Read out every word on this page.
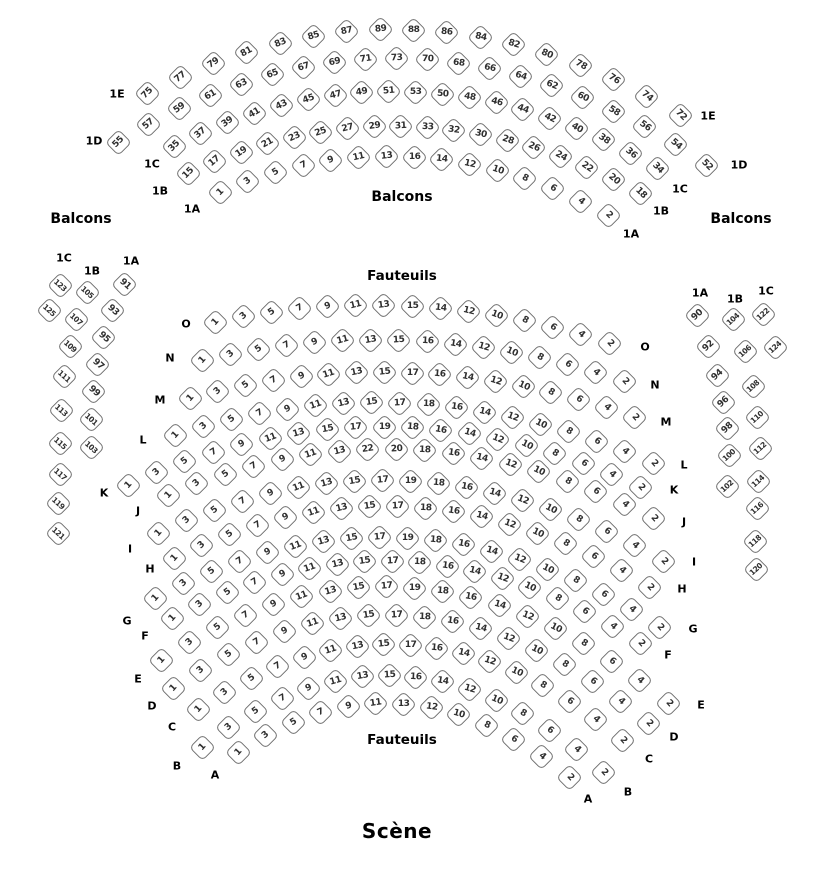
Balcons
Balcons
Balcons
Fauteuils
Fauteuils
Scène
75
77
79
81
83 85 87 89 88 86 84
82
80
78
76
74
72
1E
1E
55
57
59
61
63
65
67 69 71 73 70 68 66
64
62
60
58
56
54
52
1D
1D
35
37
39
41
43 45 47 49 51 53 50 48 46
44
42
40
38
36
34
1C
1C
15
17
19
21 23 25 27 29 31 33 32 30 28
26
24
22
20
18
1B
1B
1
3
5
7 9 11 13 16 14 12 10
8
6
4
2
1A
1A
1 3 5 7 9 11 13 15 14 12 10 8
6
4
2
O
O
1
3 5 7 9 11 13 15 16 14 12 10 8
6
4
2
N
N
1
3
5 7 9 11 13 15 17 16 14 12 10 8
6
4
2
M
M
1
3
5
7 9 11 13 15 17 18 16 14 12 10
8
6
4
2
L
L
1
3
5
7
9 11 13 15 17 19 18 16 14 12 10
8
6
4
2
K	K
1
3
5
7
9 11 13 22 20 18 16 14 12
10
8
6
4
2
J
J
1
3
5
7
9 11 13 15 17 19 18 16 14
12
10
8
6
4
2
I
I
1
3
5
7
9 11 13 15 17 18 16 14
12
10
8
6
4
2
H
H
1
3
5
7
9 11 13 15 17 19 18 16 14
12
10
8
6
4
2
G
G
1
3
5
7
9 11 13 15 17 18 16 14
12
10
8
6
4
2
F
F
1
3
5
7
9
11 13 15 17 19 18 16
14
12
10
8
6
4
2
E
E
1
3
5
7
9
11 13 15 17 18 16
14
12
10
8
6
4
2
D
D
1
3
5
7
9
11 13 15 17 16 14
12
10
8
6
4
2
C
C
1
3
5
7
9
11 13 15 16 14
12
10
8
6
4
2
B
B
1
3
5
7
9 11 13 12
10
8
6
4
2
A
A
1C
1B
1A
123
125
105
107
109
111
113
115
117
119
121
91
93
95
97
99
101
103
1A 1B
1C
90
92
94
96
98
100
102
104
106
108
110
112
114
116
118
120
122
124
